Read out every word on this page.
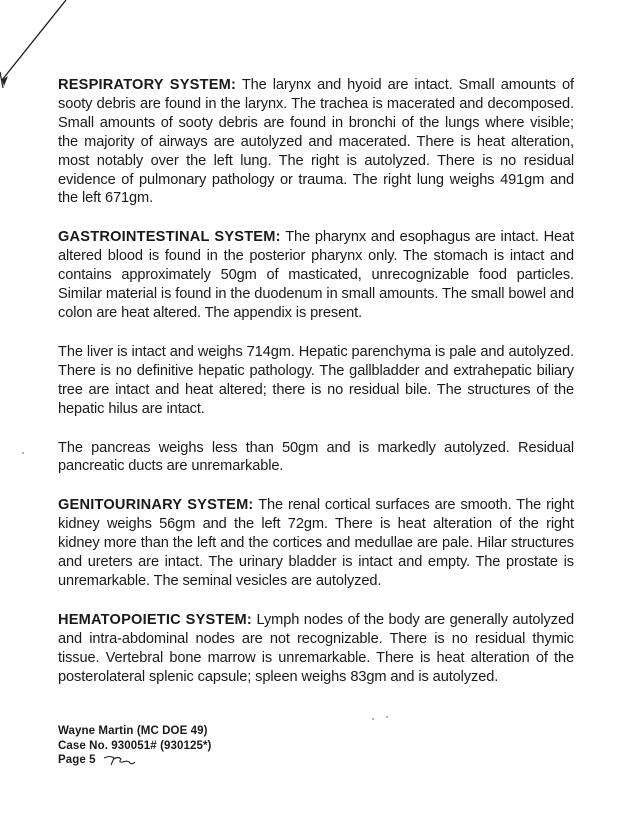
RESPIRATORY SYSTEM: The larynx and hyoid are intact. Small amounts of sooty debris are found in the larynx. The trachea is macerated and decomposed. Small amounts of sooty debris are found in bronchi of the lungs where visible; the majority of airways are autolyzed and macerated. There is heat alteration, most notably over the left lung. The right is autolyzed. There is no residual evidence of pulmonary pathology or trauma. The right lung weighs 491gm and the left 671gm.

GASTROINTESTINAL SYSTEM: The pharynx and esophagus are intact. Heat altered blood is found in the posterior pharynx only. The stomach is intact and contains approximately 50gm of masticated, unrecognizable food particles. Similar material is found in the duodenum in small amounts. The small bowel and colon are heat altered. The appendix is present.

The liver is intact and weighs 714gm. Hepatic parenchyma is pale and autolyzed. There is no definitive hepatic pathology. The gallbladder and extrahepatic biliary tree are intact and heat altered; there is no residual bile. The structures of the hepatic hilus are intact.

The pancreas weighs less than 50gm and is markedly autolyzed. Residual pancreatic ducts are unremarkable.

GENITOURINARY SYSTEM: The renal cortical surfaces are smooth. The right kidney weighs 56gm and the left 72gm. There is heat alteration of the right kidney more than the left and the cortices and medullae are pale. Hilar structures and ureters are intact. The urinary bladder is intact and empty. The prostate is unremarkable. The seminal vesicles are autolyzed.

HEMATOPOIETIC SYSTEM: Lymph nodes of the body are generally autolyzed and intra-abdominal nodes are not recognizable. There is no residual thymic tissue. Vertebral bone marrow is unremarkable. There is heat alteration of the posterolateral splenic capsule; spleen weighs 83gm and is autolyzed.

Wayne Martin (MC DOE 49)
Case No. 930051# (930125*)
Page 5
